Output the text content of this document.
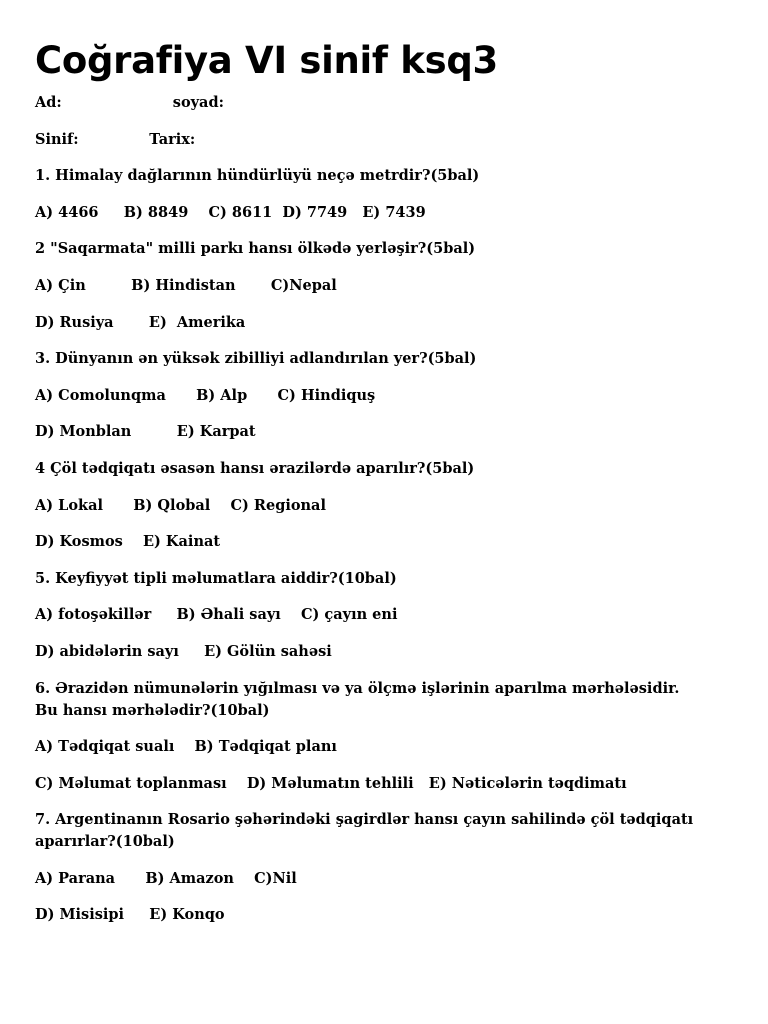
Coğrafiya VI sinif ksq3

Ad:                      soyad:

Sinif:              Tarix:

1. Himalay dağlarının hündürlüyü neçə metrdir?(5bal)

A) 4466     B) 8849    C) 8611  D) 7749   E) 7439

2 "Saqarmata" milli parkı hansı ölkədə yerləşir?(5bal)

A) Çin         B) Hindistan       C)Nepal

D) Rusiya       E)  Amerika

3. Dünyanın ən yüksək zibilliyi adlandırılan yer?(5bal)

A) Comolunqma      B) Alp      C) Hindiquş

D) Monblan         E) Karpat

4 Çöl tədqiqatı əsasən hansı ərazilərdə aparılır?(5bal)

A) Lokal      B) Qlobal    C) Regional

D) Kosmos    E) Kainat

5. Keyfiyyət tipli məlumatlara aiddir?(10bal)

A) fotoşəkillər     B) Əhali sayı    C) çayın eni

D) abidələrin sayı     E) Gölün sahəsi

6. Ərazidən nümunələrin yığılması və ya ölçmə işlərinin aparılma mərhələsidir. Bu hansı mərhələdir?(10bal)

A) Tədqiqat sualı    B) Tədqiqat planı

C) Məlumat toplanması    D) Məlumatın tehlili   E) Nəticələrin təqdimatı

7. Argentinanın Rosario şəhərindəki şagirdlər hansı çayın sahilində çöl tədqiqatı aparırlar?(10bal)

A) Parana      B) Amazon    C)Nil

D) Misisipi     E) Konqo
